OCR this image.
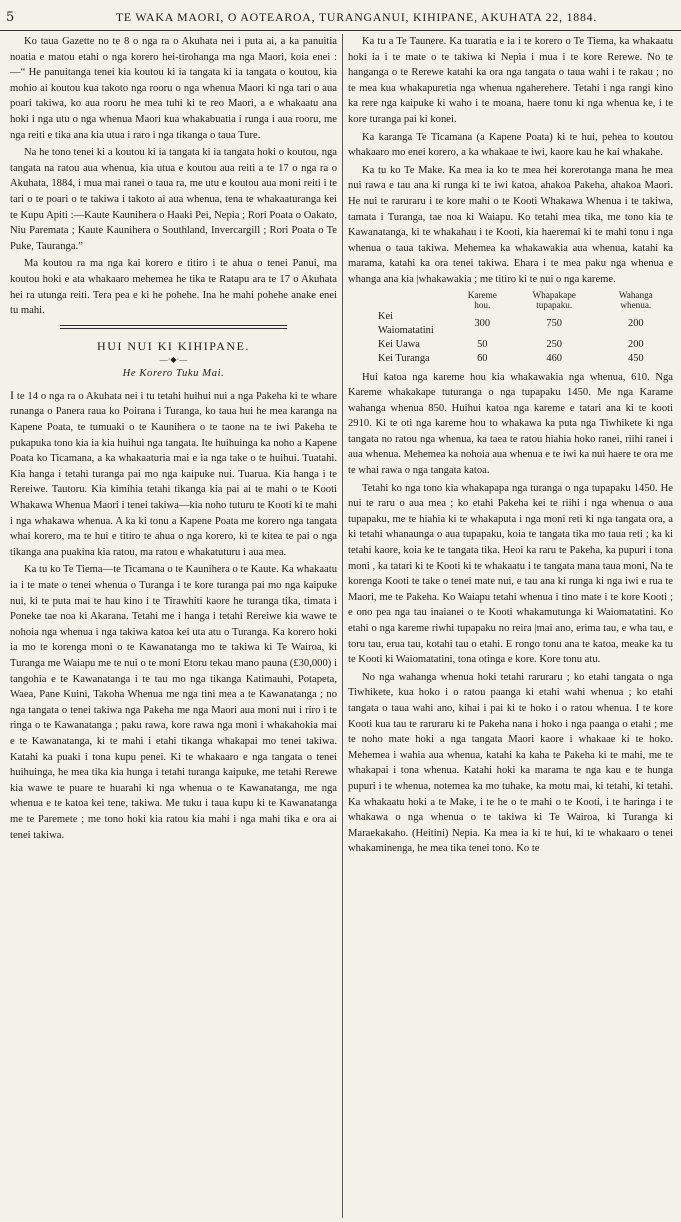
5	TE WAKA MAORI, O AOTEAROA, TURANGANUI, KIHIPANE, AKUHATA 22, 1884.

Ko taua Gazette no te 8 o nga ra o Akuhata nei i puta ai, a ka panuitia noatia e matou etahi o nga korero hei-tirohanga ma nga Maori, koia enei :—“ He panuitanga tenei kia koutou ki ia tangata ki ia tangata o koutou, kia mohio ai koutou kua takoto nga rooru o nga whenua Maori ki nga tari o aua poari takiwa, ko aua rooru he mea tuhi ki te reo Maori, a e whakaatu ana hoki i nga utu o nga whenua Maori kua whakabuatia i runga i aua rooru, me nga reiti e tika ana kia utua i raro i nga tikanga o taua Ture.

Na he tono tenei ki a koutou ki ia tangata ki ia tangata hoki o koutou, nga tangata na ratou aua whenua, kia utua e koutou aua reiti a te 17 o nga ra o Akuhata, 1884, i mua mai ranei o taua ra, me utu e koutou aua moni reiti i te tari o te poari o te takiwa i takoto ai aua whenua, tena te whakaaturanga kei te Kupu Apiti :—Kaute Kaunihera o Haaki Pei, Nepia ; Rori Poata o Oakato, Niu Paremata ; Kaute Kaunihera o Southland, Invercargill ; Rori Poata o Te Puke, Tauranga.”

Ma koutou ra ma nga kai korero e titiro i te ahua o tenei Panui, ma koutou hoki e ata whakaaro mehemea he tika te Ratapu ara te 17 o Akuhata hei ra utunga reiti. Tera pea e ki he pohehe. Ina he mahi pohehe anake enei tu mahi.

HUI NUI KI KIHIPANE.
—·◆·—
He Korero Tuku Mai.

I te 14 o nga ra o Akuhata nei i tu tetahi huihui nui a nga Pakeha ki te whare runanga o Panera raua ko Poirana i Turanga, ko taua hui he mea karanga na Kapene Poata, te tumuaki o te Kaunihera o te taone na te iwi Pakeha te pukapuka tono kia ia kia huihui nga tangata. Ite huihuinga ka noho a Kapene Poata ko Ticamana, a ka whakaaturia mai e ia nga take o te huihui. Tuatahi. Kia hanga i tetahi turanga pai mo nga kaipuke nui. Tuarua. Kia hanga i te Rereiwe. Tautoru. Kia kimihia tetahi tikanga kia pai ai te mahi o te Kooti Whakawa Whenua Maori i tenei takiwa—kia noho tuturu te Kooti ki te mahi i nga whakawa whenua. A ka ki tonu a Kapene Poata me korero nga tangata whai korero, ma te hui e titiro te ahua o nga korero, ki te kitea te pai o nga tikanga ana puakina kia ratou, ma ratou e whakatuturu i aua mea.

Ka tu ko Te Tiema—te Ticamana o te Kaunihera o te Kaute. Ka whakaatu ia i te mate o tenei whenua o Turanga i te kore turanga pai mo nga kaipuke nui, ki te puta mai te hau kino i te Tirawhiti kaore he turanga tika, timata i Poneke tae noa ki Akarana. Tetahi me i hanga i tetahi Rereiwe kia wawe te nohoia nga whenua i nga takiwa katoa kei uta atu o Turanga. Ka korero hoki ia mo te korenga moni o te Kawanatanga mo te takiwa ki Te Wairoa, ki Turanga me Waiapu me te nui o te moni Etoru tekau mano pauna (£30,000) i tangohia e te Kawanatanga i te tau mo nga tikanga Katimauhi, Potapeta, Waea, Pane Kuini, Takoha Whenua me nga tini mea a te Kawanatanga ; no nga tangata o tenei takiwa nga Pakeha me nga Maori aua moni nui i riro i te ringa o te Kawanatanga ; paku rawa, kore rawa nga moni i whakahokia mai e te Kawanatanga, ki te mahi i etahi tikanga whakapai mo tenei takiwa. Katahi ka puaki i tona kupu penei. Ki te whakaaro e nga tangata o tenei huihuinga, he mea tika kia hunga i tetahi turanga kaipuke, me tetahi Rerewe kia wawe te puare te huarahi ki nga whenua o te Kawanatanga, me nga whenua e te katoa kei tene, takiwa. Me tuku i taua kupu ki te Kawanatanga me te Paremete ; me tono hoki kia ratou kia mahi i nga mahi tika e ora ai tenei takiwa.

Ka tu a Te Taunere. Ka tuaratia e ia i te korero o Te Tiema, ka whakaatu hoki ia i te mate o te takiwa ki Nepia i mua i te kore Rerewe. No te hanganga o te Rerewe katahi ka ora nga tangata o taua wahi i te rakau ; no te mea kua whakapuretia nga whenua ngaherehere. Tetahi i nga rangi kino ka rere nga kaipuke ki waho i te moana, haere tonu ki nga whenua ke, i te kore turanga pai ki konei.

Ka karanga Te Ticamana (a Kapene Poata) ki te hui, pehea to koutou whakaaro mo enei korero, a ka whakaae te iwi, kaore kau he kai whakahe.

Ka tu ko Te Make. Ka mea ia ko te mea hei korerotanga mana he mea nui rawa e tau ana ki runga ki te iwi katoa, ahakoa Pakeha, ahakoa Maori. He nui te raruraru i te kore mahi o te Kooti Whakawa Whenua i te takiwa, tamata i Turanga, tae noa ki Waiapu. Ko tetahi mea tika, me tono kia te Kawanatanga, ki te whakahau i te Kooti, kia haeremai ki te mahi tonu i nga whenua o taua takiwa. Mehemea ka whakawakia aua whenua, katahi ka marama, katahi ka ora tenei takiwa. Ehara i te mea paku nga whenua e whanga ana kia |whakawakia ; me titiro ki te nui o nga kareme.

	Kareme hou.	Whapakape tupapaku.	Wahanga whenua.
Kei Waiomatatini	300	750	200
Kei Uawa	50	250	200
Kei Turanga	60	460	450

Hui katoa nga kareme hou kia whakawakia nga whenua, 610. Nga Kareme whakakape tuturanga o nga tupapaku 1450. Me nga Karame wahanga whenua 850. Huihui katoa nga kareme e tatari ana ki te kooti 2910. Ki te oti nga kareme hou to whakawa ka puta nga Tiwhikete ki nga tangata no ratou nga whenua, ka taea te ratou hiahia hoko ranei, riihi ranei i aua whenua. Mehemea ka nohoia aua whenua e te iwi ka nui haere te ora me te whai rawa o nga tangata katoa.

Tetahi ko nga tono kia whakapapa nga turanga o nga tupapaku 1450. He nui te raru o aua mea ; ko etahi Pakeha kei te riihi i nga whenua o aua tupapaku, me te hiahia ki te whakaputa i nga moni reti ki nga tangata ora, a ki tetahi whanaunga o aua tupapaku, koia te tangata tika mo taua reti ; ka ki tetahi kaore, koia ke te tangata tika. Heoi ka raru te Pakeha, ka pupuri i tona moni , ka tatari ki te Kooti ki te whakaatu i te tangata mana taua moni, Na te korenga Kooti te take o tenei mate nui, e tau ana ki runga ki nga iwi e rua te Maori, me te Pakeha. Ko Waiapu tetahi whenua i tino mate i te kore Kooti ; e ono pea nga tau inaianei o te Kooti whakamutunga ki Waiomatatini. Ko etahi o nga kareme riwhi tupapaku no reira |mai ano, erima tau, e wha tau, e toru tau, erua tau, kotahi tau o etahi. E rongo tonu ana te katoa, meake ka tu te Kooti ki Waiomatatini, tona otinga e kore. Kore tonu atu.

No nga wahanga whenua hoki tetahi raruraru ; ko etahi tangata o nga Tiwhikete, kua hoko i o ratou paanga ki etahi wahi whenua ; ko etahi tangata o taua wahi ano, kihai i pai ki te hoko i o ratou whenua. I te kore Kooti kua tau te raruraru ki te Pakeha nana i hoko i nga paanga o etahi ; me te noho mate hoki a nga tangata Maori kaore i whakaae ki te hoko. Mehemea i wahia aua whenua, katahi ka kaha te Pakeha ki te mahi, me te whakapai i tona whenua. Katahi hoki ka marama te nga kau e te hunga pupuri i te whenua, notemea ka mo tuhake, ka motu mai, ki tetahi, ki tetahi. Ka whakaatu hoki a te Make, i te he o te mahi o te Kooti, i te haringa i te whakawa o nga whenua o te takiwa ki Te Wairoa, ki Turanga ki Maraekakaho. (Heitini) Nepia. Ka mea ia ki te hui, ki te whakaaro o tenei whakaminenga, he mea tika tenei tono. Ko te
